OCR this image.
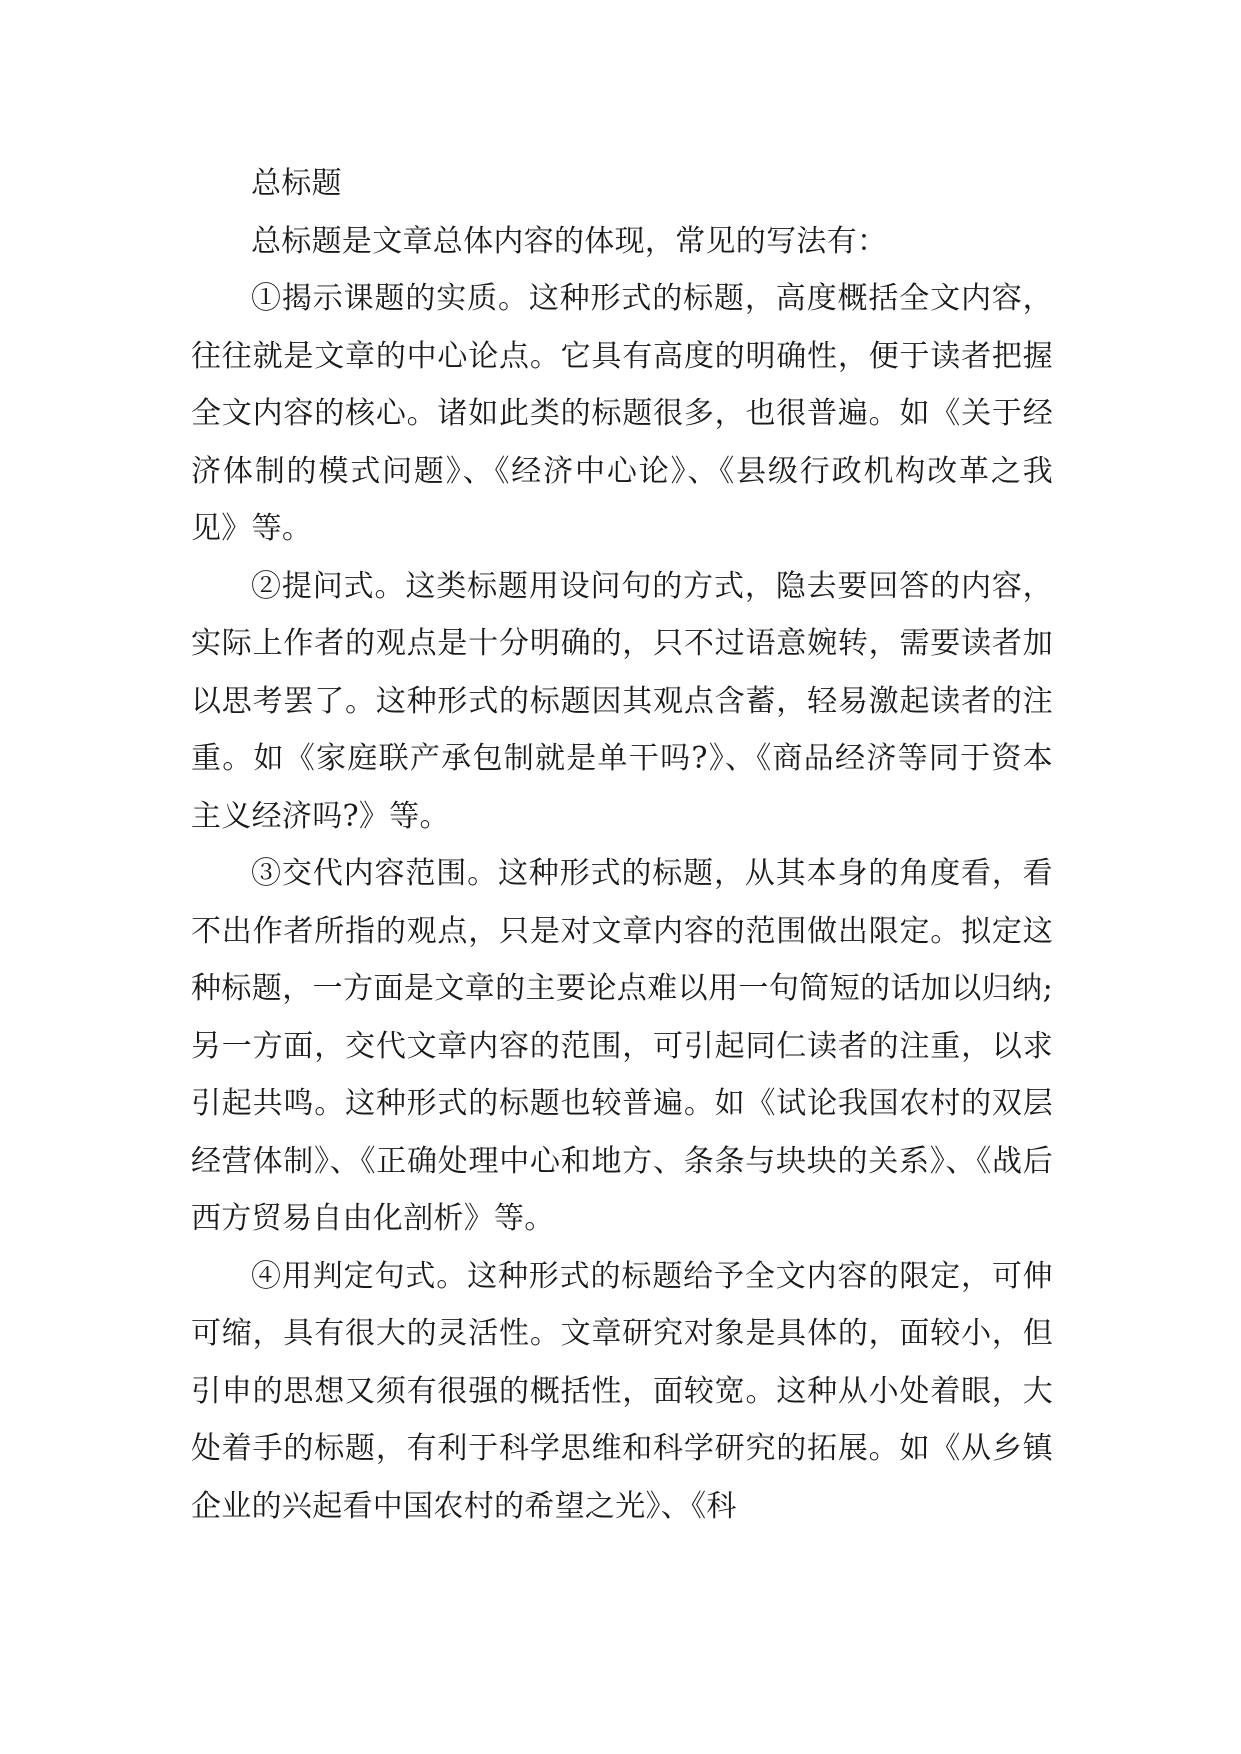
总标题

总标题是文章总体内容的体现，常见的写法有：

①揭示课题的实质。这种形式的标题，高度概括全文内容，往往就是文章的中心论点。它具有高度的明确性，便于读者把握全文内容的核心。诸如此类的标题很多，也很普遍。如《关于经济体制的模式问题》、《经济中心论》、《县级行政机构改革之我见》等。

②提问式。这类标题用设问句的方式，隐去要回答的内容，实际上作者的观点是十分明确的，只不过语意婉转，需要读者加以思考罢了。这种形式的标题因其观点含蓄，轻易激起读者的注重。如《家庭联产承包制就是单干吗?》、《商品经济等同于资本主义经济吗?》等。

③交代内容范围。这种形式的标题，从其本身的角度看，看不出作者所指的观点，只是对文章内容的范围做出限定。拟定这种标题，一方面是文章的主要论点难以用一句简短的话加以归纳;另一方面，交代文章内容的范围，可引起同仁读者的注重，以求引起共鸣。这种形式的标题也较普遍。如《试论我国农村的双层经营体制》、《正确处理中心和地方、条条与块块的关系》、《战后西方贸易自由化剖析》等。

④用判定句式。这种形式的标题给予全文内容的限定，可伸可缩，具有很大的灵活性。文章研究对象是具体的，面较小，但引申的思想又须有很强的概括性，面较宽。这种从小处着眼，大处着手的标题，有利于科学思维和科学研究的拓展。如《从乡镇企业的兴起看中国农村的希望之光》、《科
